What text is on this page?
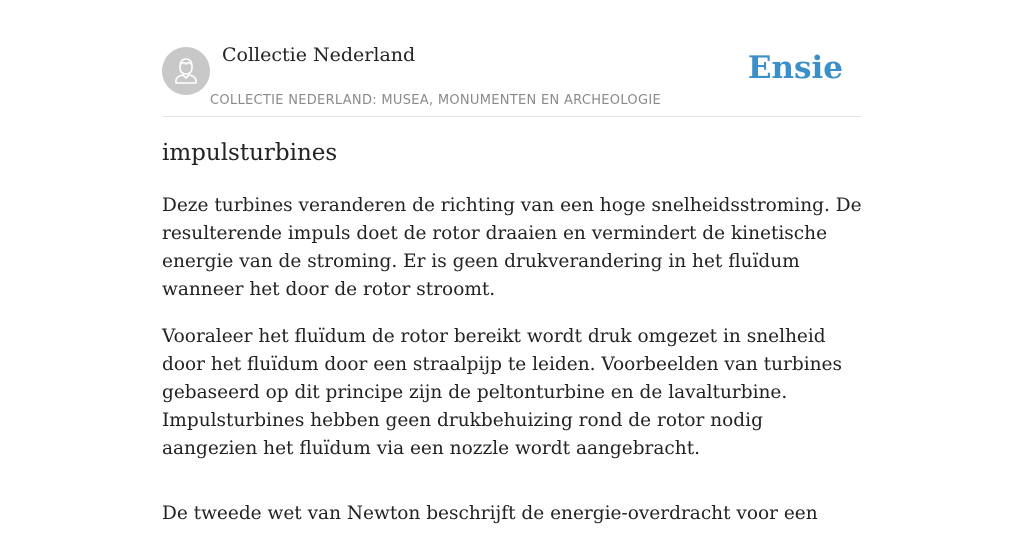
Collectie Nederland
COLLECTIE NEDERLAND: MUSEA, MONUMENTEN EN ARCHEOLOGIE
Ensie
impulsturbines

Deze turbines veranderen de richting van een hoge snelheidsstroming. De resulterende impuls doet de rotor draaien en vermindert de kinetische energie van de stroming. Er is geen drukverandering in het fluïdum wanneer het door de rotor stroomt.

Vooraleer het fluïdum de rotor bereikt wordt druk omgezet in snelheid door het fluïdum door een straalpijp te leiden. Voorbeelden van turbines gebaseerd op dit principe zijn de peltonturbine en de lavalturbine. Impulsturbines hebben geen drukbehuizing rond de rotor nodig aangezien het fluïdum via een nozzle wordt aangebracht.

De tweede wet van Newton beschrijft de energie-overdracht voor een
